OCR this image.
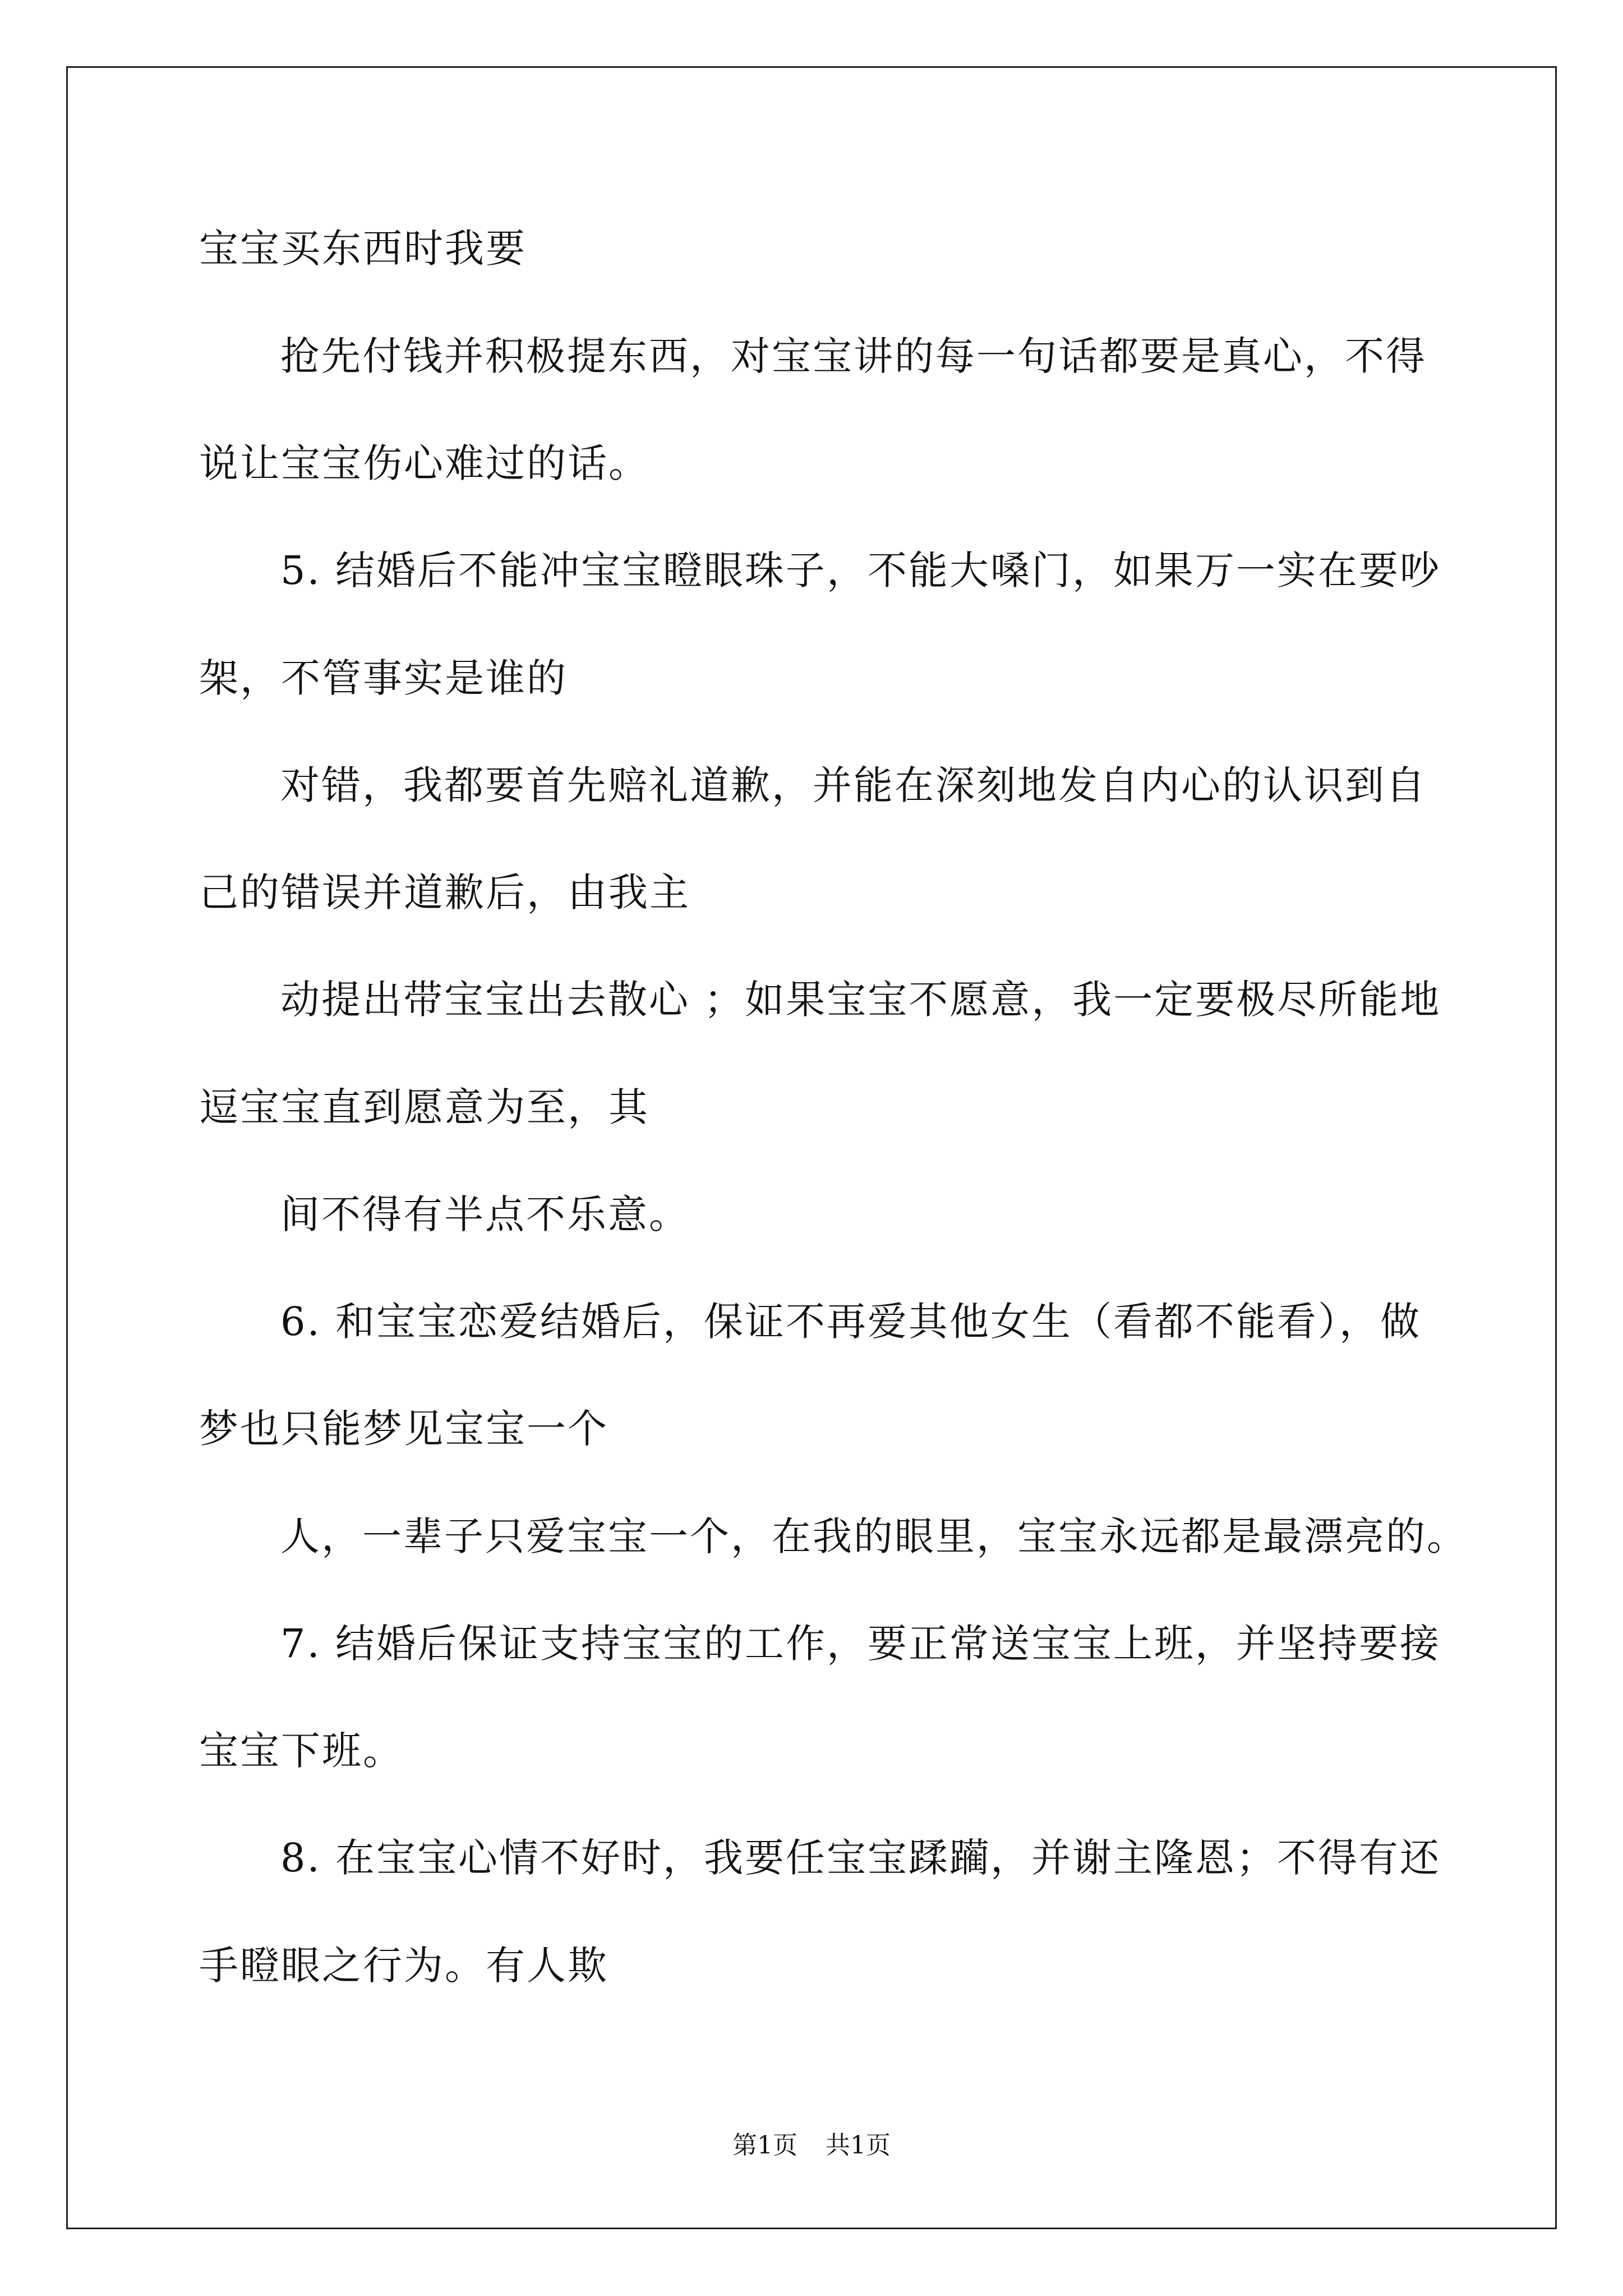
宝宝买东西时我要
抢先付钱并积极提东西，对宝宝讲的每一句话都要是真心，不得
说让宝宝伤心难过的话。
5. 结婚后不能冲宝宝瞪眼珠子，不能大嗓门，如果万一实在要吵
架，不管事实是谁的
对错，我都要首先赔礼道歉，并能在深刻地发自内心的认识到自
己的错误并道歉后，由我主
动提出带宝宝出去散心 ；如果宝宝不愿意，我一定要极尽所能地
逗宝宝直到愿意为至，其
间不得有半点不乐意。
6. 和宝宝恋爱结婚后，保证不再爱其他女生（看都不能看），做
梦也只能梦见宝宝一个
人，一辈子只爱宝宝一个，在我的眼里，宝宝永远都是最漂亮的。
7. 结婚后保证支持宝宝的工作，要正常送宝宝上班，并坚持要接
宝宝下班。
8. 在宝宝心情不好时，我要任宝宝蹂躏，并谢主隆恩；不得有还
手瞪眼之行为。有人欺
第1页 共1页
